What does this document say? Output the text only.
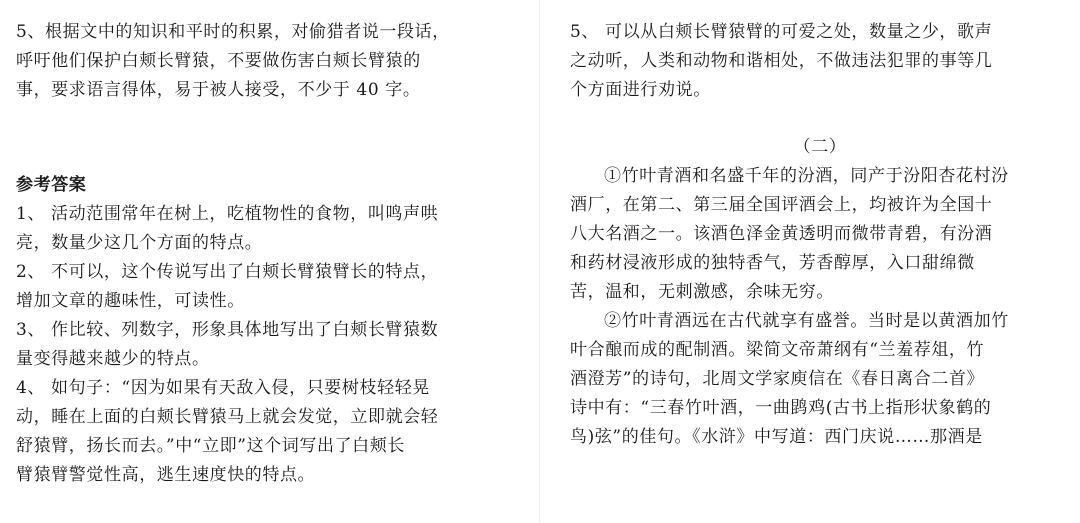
5、根据文中的知识和平时的积累，对偷猎者说一段话，

呼吁他们保护白颊长臂猿，不要做伤害白颊长臂猿的

事，要求语言得体，易于被人接受，不少于 40 字。

参考答案

1、 活动范围常年在树上，吃植物性的食物，叫鸣声哄

亮，数量少这几个方面的特点。

2、 不可以，这个传说写出了白颊长臂猿臂长的特点，

增加文章的趣味性，可读性。

3、 作比较、列数字，形象具体地写出了白颊长臂猿数

量变得越来越少的特点。

4、 如句子：“因为如果有天敌入侵，只要树枝轻轻晃

动，睡在上面的白颊长臂猿马上就会发觉，立即就会轻

舒猿臂，扬长而去。”中“立即”这个词写出了白颊长

臂猿臂警觉性高，逃生速度快的特点。

5、 可以从白颊长臂猿臂的可爱之处，数量之少，歌声

之动听，人类和动物和谐相处，不做违法犯罪的事等几

个方面进行劝说。

（二）

①竹叶青酒和名盛千年的汾酒，同产于汾阳杏花村汾

酒厂，在第二、第三届全国评酒会上，均被许为全国十

八大名酒之一。该酒色泽金黄透明而微带青碧，有汾酒

和药材浸液形成的独特香气，芳香醇厚，入口甜绵微

苦，温和，无刺激感，余味无穷。

②竹叶青酒远在古代就享有盛誉。当时是以黄酒加竹

叶合酿而成的配制酒。梁简文帝萧纲有“兰羞荐俎，竹

酒澄芳”的诗句，北周文学家庾信在《春日离合二首》

诗中有：“三春竹叶酒，一曲鹍鸡(古书上指形状象鹤的

鸟)弦”的佳句。《水浒》中写道：西门庆说……那酒是
